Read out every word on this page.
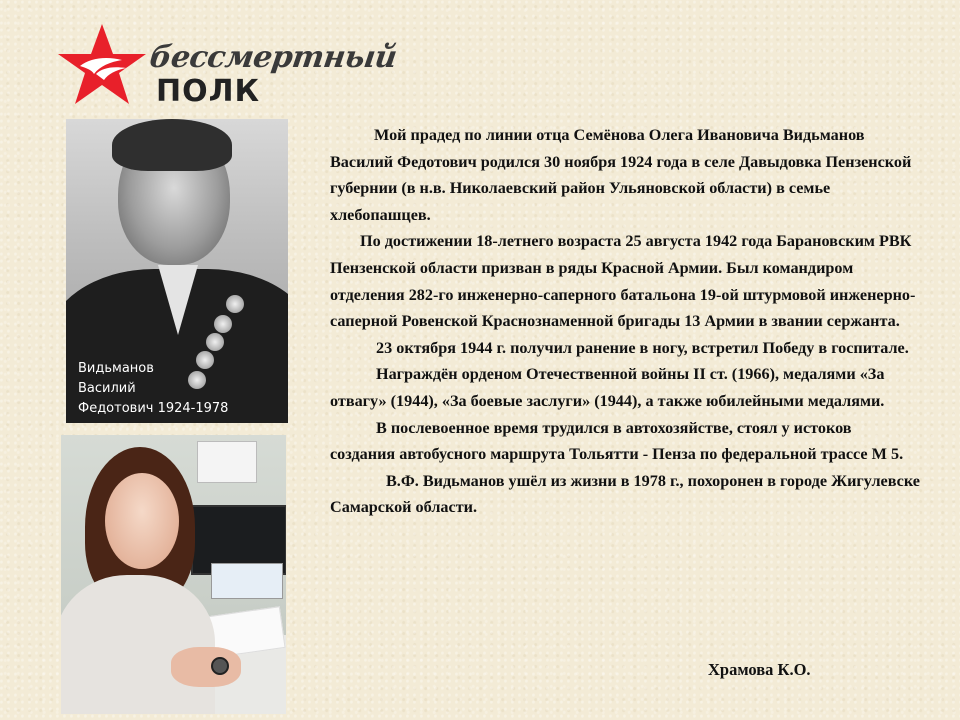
бессмертный
ПОЛК
Видьманов
Василий
Федотович 1924-1978

Мой прадед по линии отца Семёнова Олега Ивановича Видьманов Василий Федотович родился 30 ноября 1924 года в селе Давыдовка Пензенской губернии (в н.в. Николаевский район Ульяновской области) в семье хлебопашцев.

По достижении 18-летнего возраста 25 августа 1942 года Барановским РВК Пензенской области призван в ряды Красной Армии. Был командиром отделения 282-го инженерно-саперного батальона 19-ой штурмовой инженерно-саперной Ровенской Краснознаменной бригады 13 Армии в звании сержанта.

23 октября 1944 г. получил ранение в ногу, встретил Победу в госпитале.

Награждён орденом Отечественной войны II ст. (1966), медалями «За отвагу» (1944), «За боевые заслуги» (1944), а также юбилейными медалями.

В послевоенное время трудился в автохозяйстве, стоял у истоков создания автобусного маршрута Тольятти - Пенза по федеральной трассе М 5.

В.Ф. Видьманов ушёл из жизни в 1978 г., похоронен в городе Жигулевске Самарской области.

Храмова К.О.
